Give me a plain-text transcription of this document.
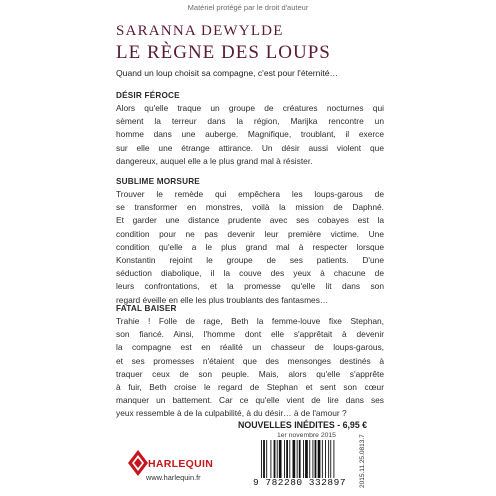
Matériel protégé par le droit d'auteur
SARANNA DEWYLDE
LE RÈGNE DES LOUPS
Quand un loup choisit sa compagne, c'est pour l'éternité…
DÉSIR FÉROCE
Alors qu'elle traque un groupe de créatures nocturnes qui
sèment la terreur dans la région, Marijka rencontre un
homme dans une auberge. Magnifique, troublant, il exerce
sur elle une étrange attirance. Un désir aussi violent que
dangereux, auquel elle a le plus grand mal à résister.
SUBLIME MORSURE
Trouver le remède qui empêchera les loups-garous de
se transformer en monstres, voilà la mission de Daphné.
Et garder une distance prudente avec ses cobayes est la
condition pour ne pas devenir leur première victime. Une
condition qu'elle a le plus grand mal à respecter lorsque
Konstantin rejoint le groupe de ses patients. D'une
séduction diabolique, il la couve des yeux à chacune de
leurs confrontations, et la promesse qu'elle lit dans son
regard éveille en elle les plus troublants des fantasmes…
FATAL BAISER
Trahie ! Folle de rage, Beth la femme-louve fixe Stephan,
son fiancé. Ainsi, l'homme dont elle s'apprêtait à devenir
la compagne est en réalité un chasseur de loups-garous,
et ses promesses n'étaient que des mensonges destinés à
traquer ceux de son peuple. Mais, alors qu'elle s'apprête
à fuir, Beth croise le regard de Stephan et sent son cœur
manquer un battement. Car ce qu'elle vient de lire dans ses
yeux ressemble à de la culpabilité, à du désir… à de l'amour ?
NOUVELLES INÉDITES - 6,95 €
1er novembre 2015
HARLEQUIN
www.harlequin.fr	9 782280 332897 2015.11.25.0813.7
